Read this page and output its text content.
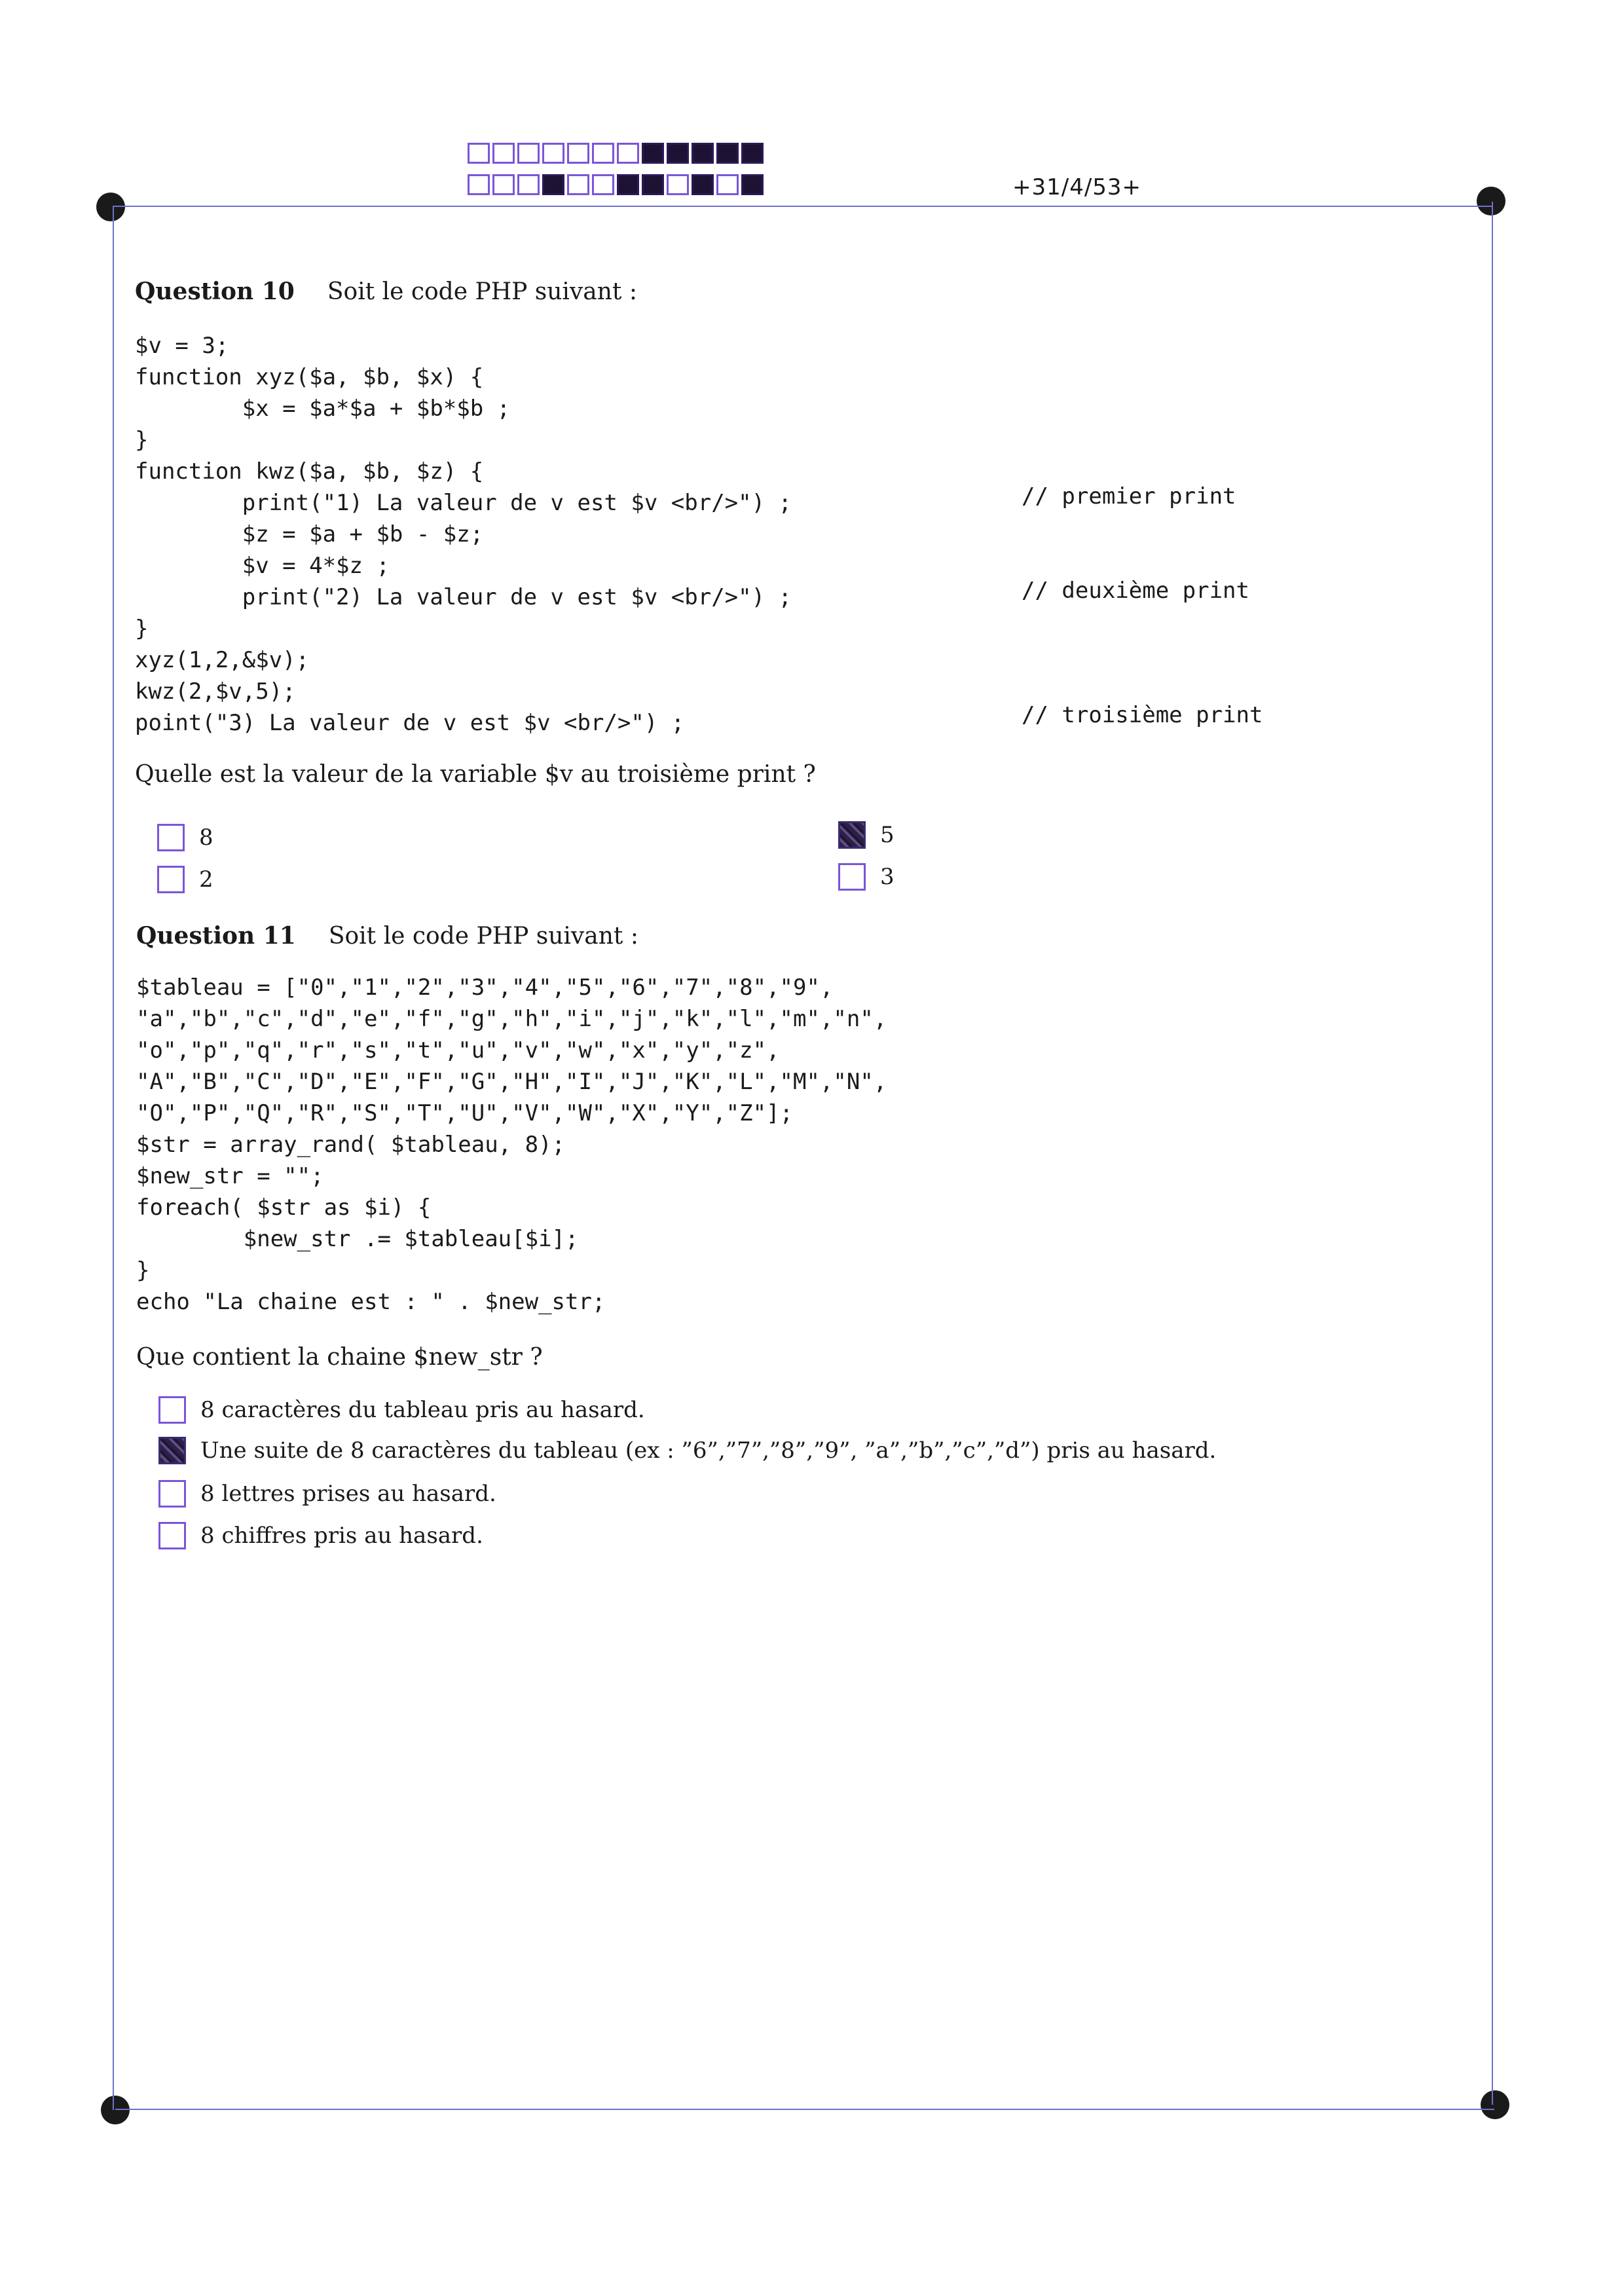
+31/4/53+
Question 10 Soit le code PHP suivant :
$v = 3;
function xyz($a, $b, $x) {
$x = $a*$a + $b*$b ;
}
function kwz($a, $b, $z) {
print("1) La valeur de v est $v <br/>") ;
$z = $a + $b - $z;
$v = 4*$z ;
print("2) La valeur de v est $v <br/>") ;
}
xyz(1,2,&$v);
kwz(2,$v,5);
point("3) La valeur de v est $v <br/>") ;
// premier print
// deuxième print
// troisième print
Quelle est la valeur de la variable $v au troisième print ?
8	5
2	3
Question 11 Soit le code PHP suivant :
$tableau = ["0","1","2","3","4","5","6","7","8","9",
"a","b","c","d","e","f","g","h","i","j","k","l","m","n",
"o","p","q","r","s","t","u","v","w","x","y","z",
"A","B","C","D","E","F","G","H","I","J","K","L","M","N",
"O","P","Q","R","S","T","U","V","W","X","Y","Z"];
$str = array_rand( $tableau, 8);
$new_str = "";
foreach( $str as $i) {
$new_str .= $tableau[$i];
}
echo "La chaine est : " . $new_str;
Que contient la chaine $new_str ?
8 caractères du tableau pris au hasard.
Une suite de 8 caractères du tableau (ex : ”6”,”7”,”8”,”9”, ”a”,”b”,”c”,”d”) pris au hasard.
8 lettres prises au hasard.
8 chiffres pris au hasard.
